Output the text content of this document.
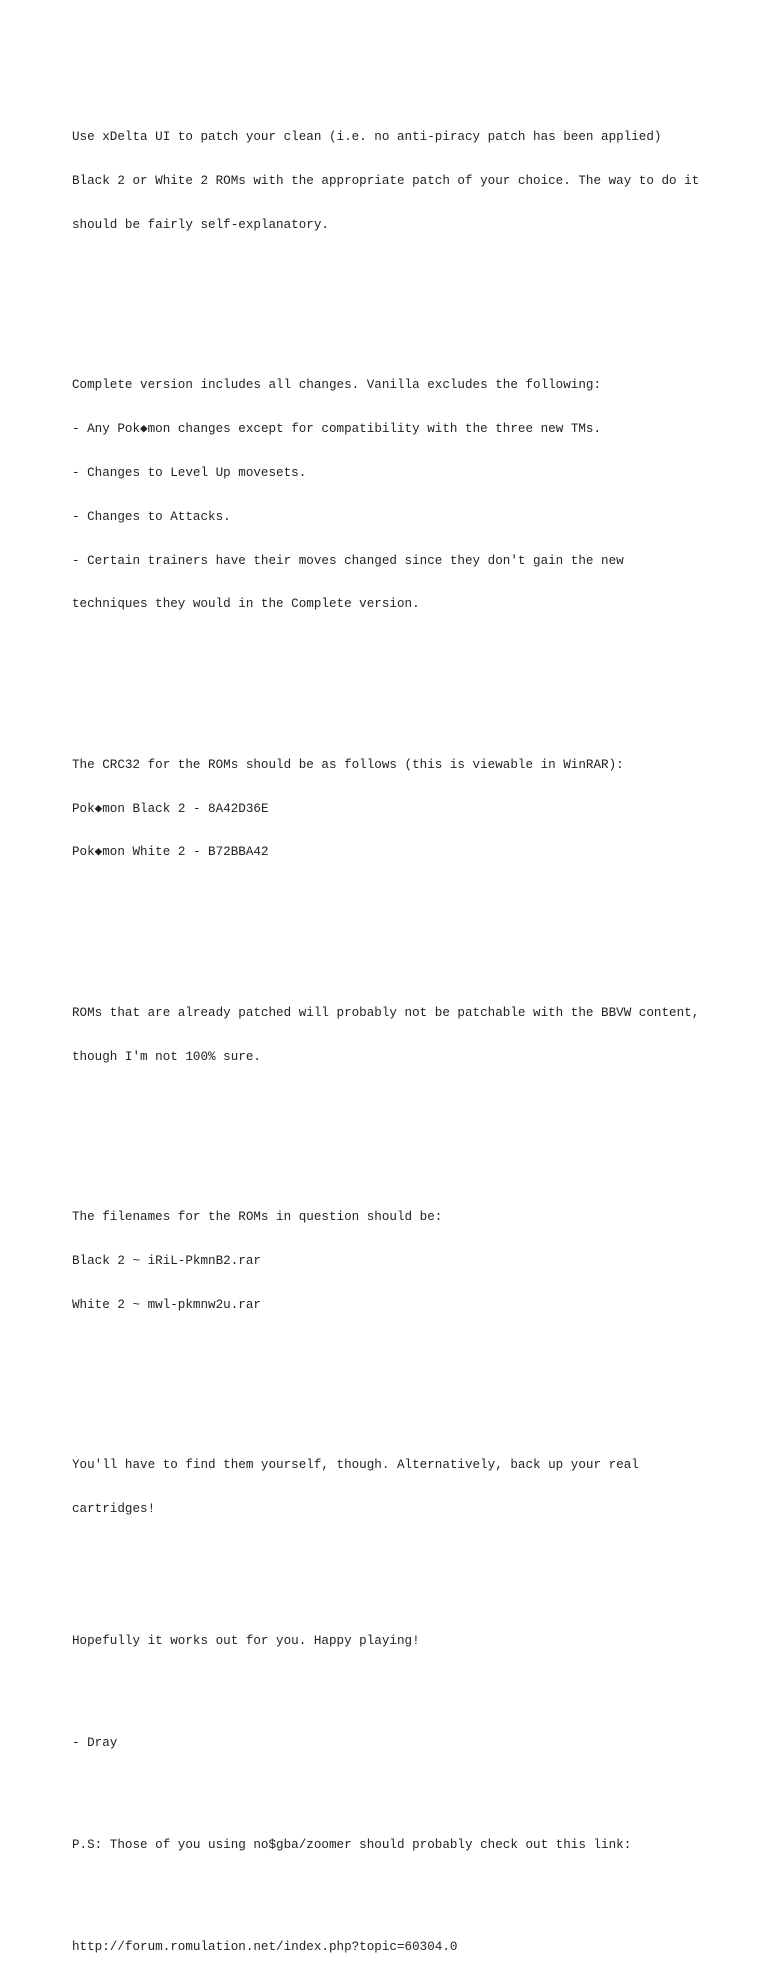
Use xDelta UI to patch your clean (i.e. no anti-piracy patch has been applied)

Black 2 or White 2 ROMs with the appropriate patch of your choice. The way to do it

should be fairly self-explanatory.

Complete version includes all changes. Vanilla excludes the following:

- Any Pok◆mon changes except for compatibility with the three new TMs.

- Changes to Level Up movesets.

- Changes to Attacks.

- Certain trainers have their moves changed since they don't gain the new

techniques they would in the Complete version.

The CRC32 for the ROMs should be as follows (this is viewable in WinRAR):

Pok◆mon Black 2 - 8A42D36E

Pok◆mon White 2 - B72BBA42

ROMs that are already patched will probably not be patchable with the BBVW content,

though I'm not 100% sure.

The filenames for the ROMs in question should be:

Black 2 ~ iRiL-PkmnB2.rar

White 2 ~ mwl-pkmnw2u.rar

You'll have to find them yourself, though. Alternatively, back up your real

cartridges!

Hopefully it works out for you. Happy playing!

- Dray

P.S: Those of you using no$gba/zoomer should probably check out this link:

http://forum.romulation.net/index.php?topic=60304.0
